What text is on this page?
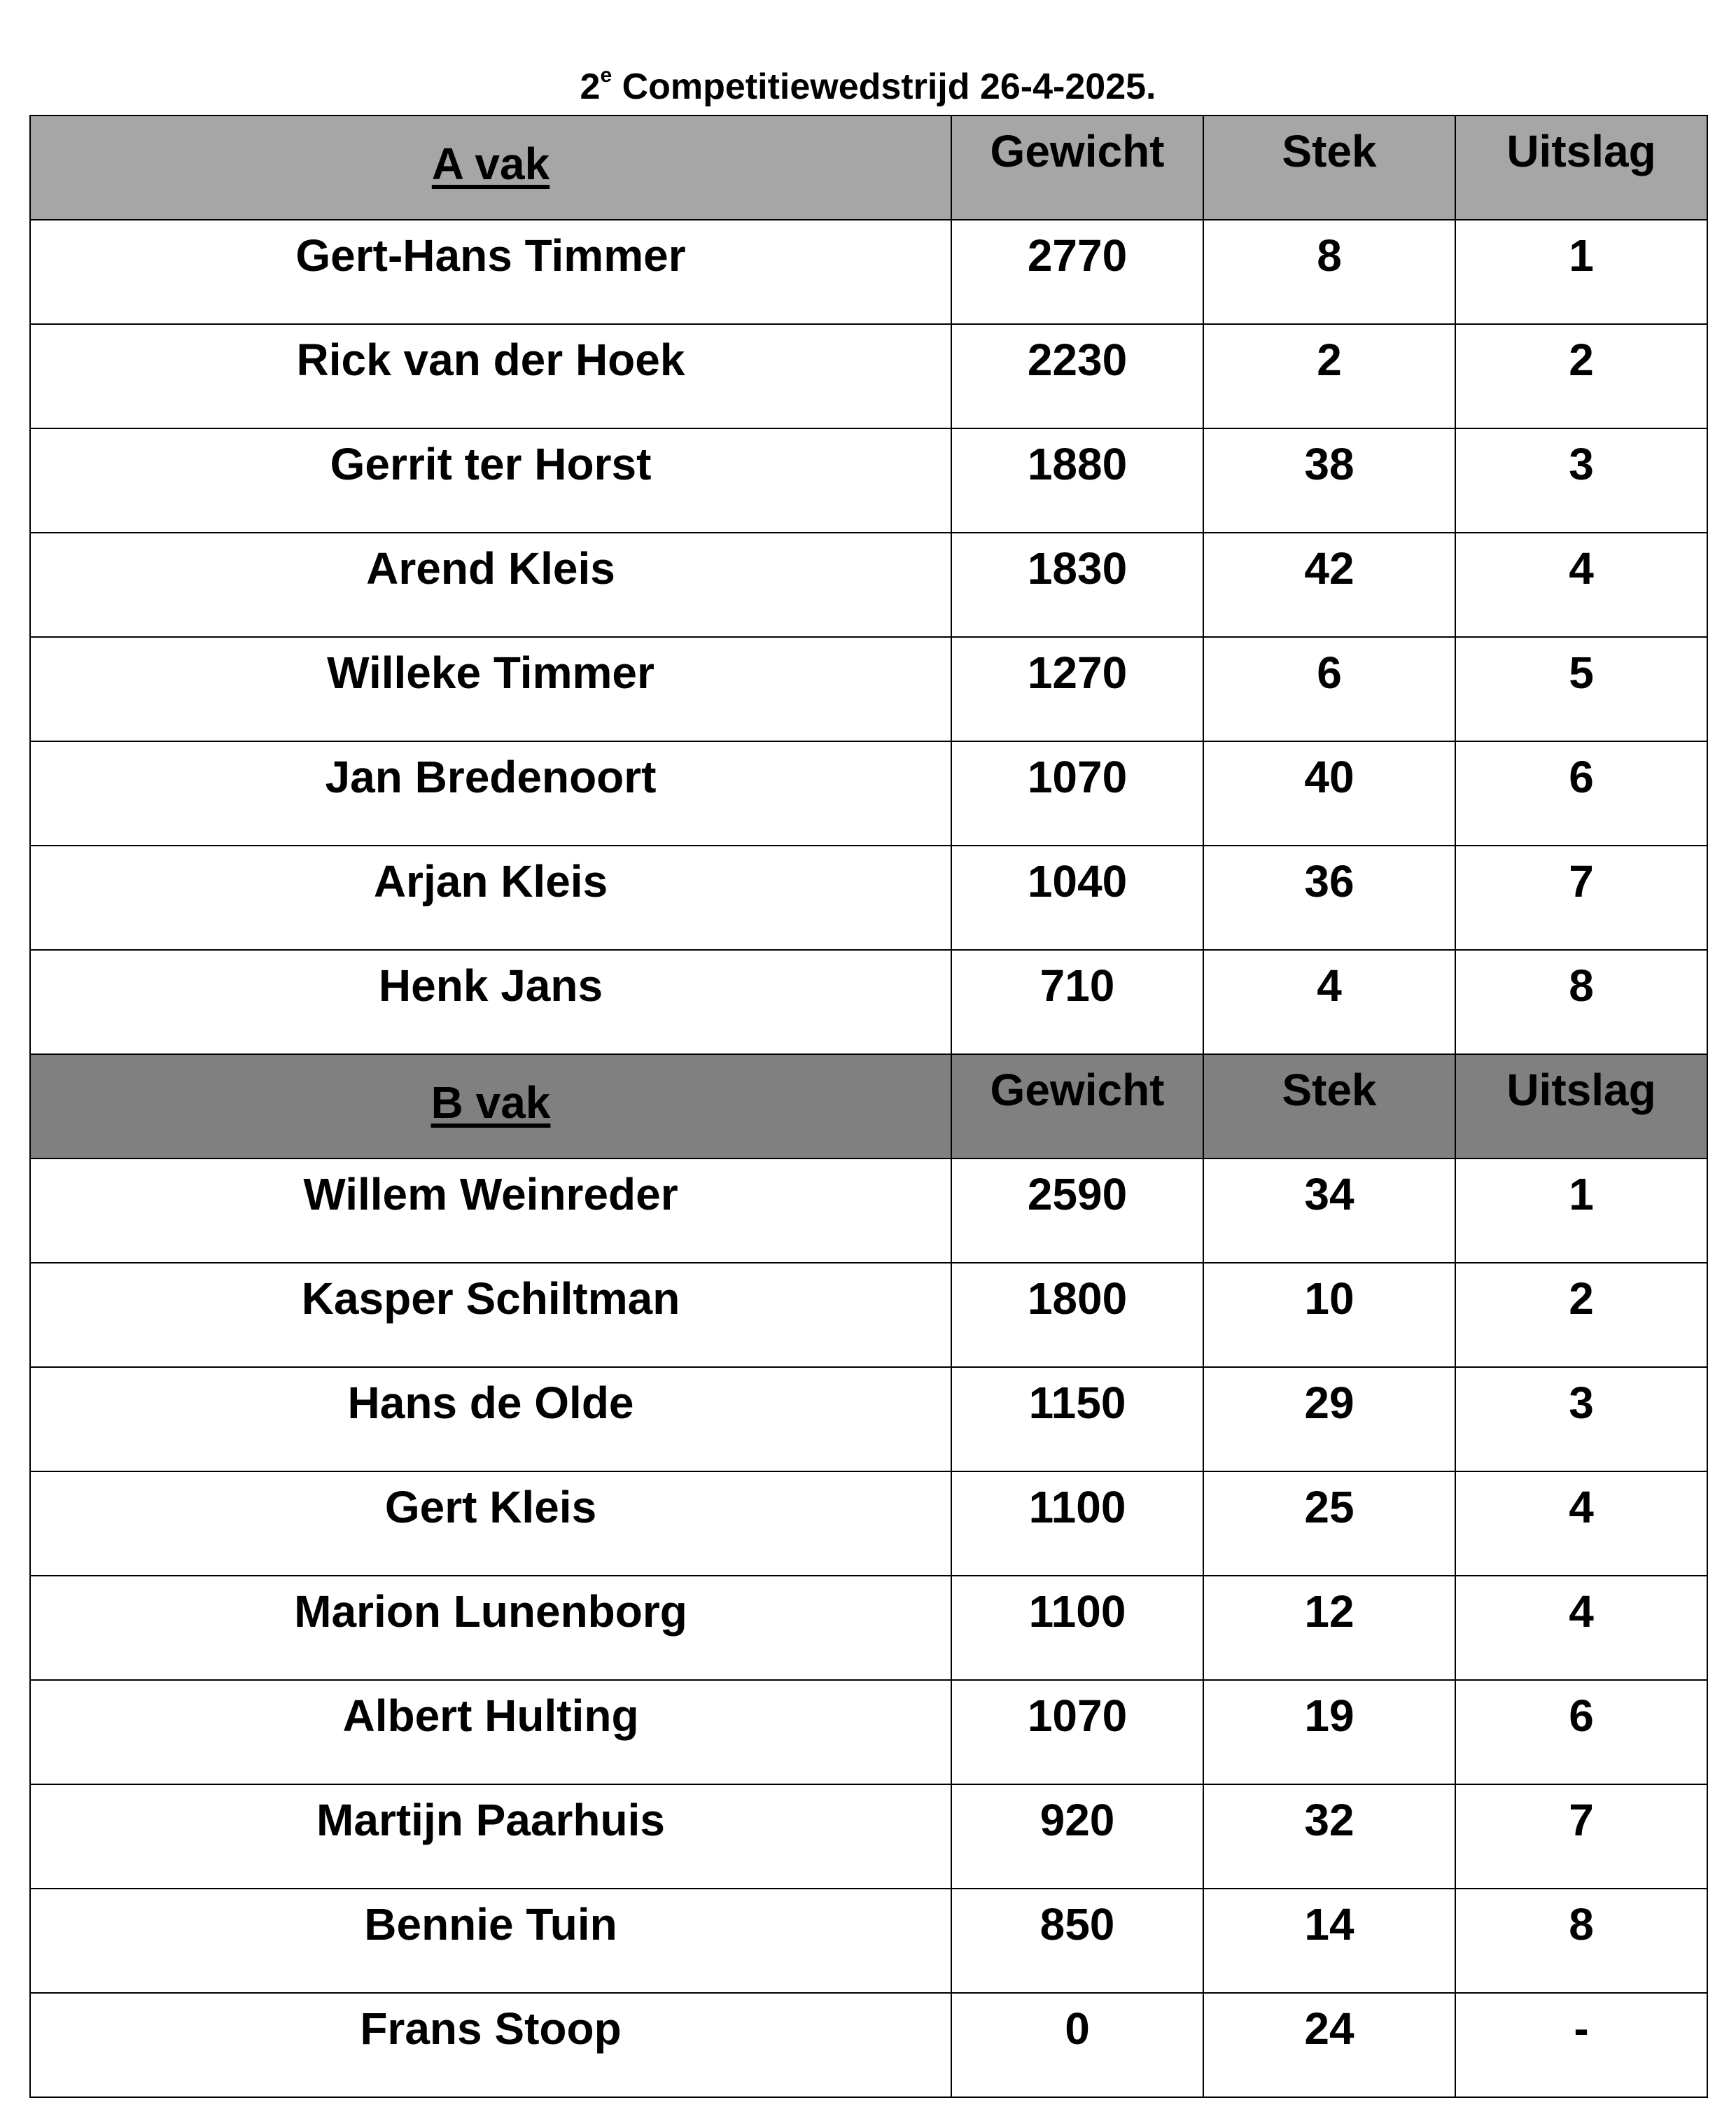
2e Competitiewedstrijd 26-4-2025.
A vak	Gewicht	Stek	Uitslag

Gert-Hans Timmer	2770	8	1

Rick van der Hoek	2230	2	2

Gerrit ter Horst	1880	38	3

Arend Kleis	1830	42	4

Willeke Timmer	1270	6	5

Jan Bredenoort	1070	40	6

Arjan Kleis	1040	36	7

Henk Jans	710	4	8

B vak	Gewicht	Stek	Uitslag

Willem Weinreder	2590	34	1

Kasper Schiltman	1800	10	2

Hans de Olde	1150	29	3

Gert Kleis	1100	25	4

Marion Lunenborg	1100	12	4

Albert Hulting	1070	19	6

Martijn Paarhuis	920	32	7

Bennie Tuin	850	14	8

Frans Stoop	0	24	-
